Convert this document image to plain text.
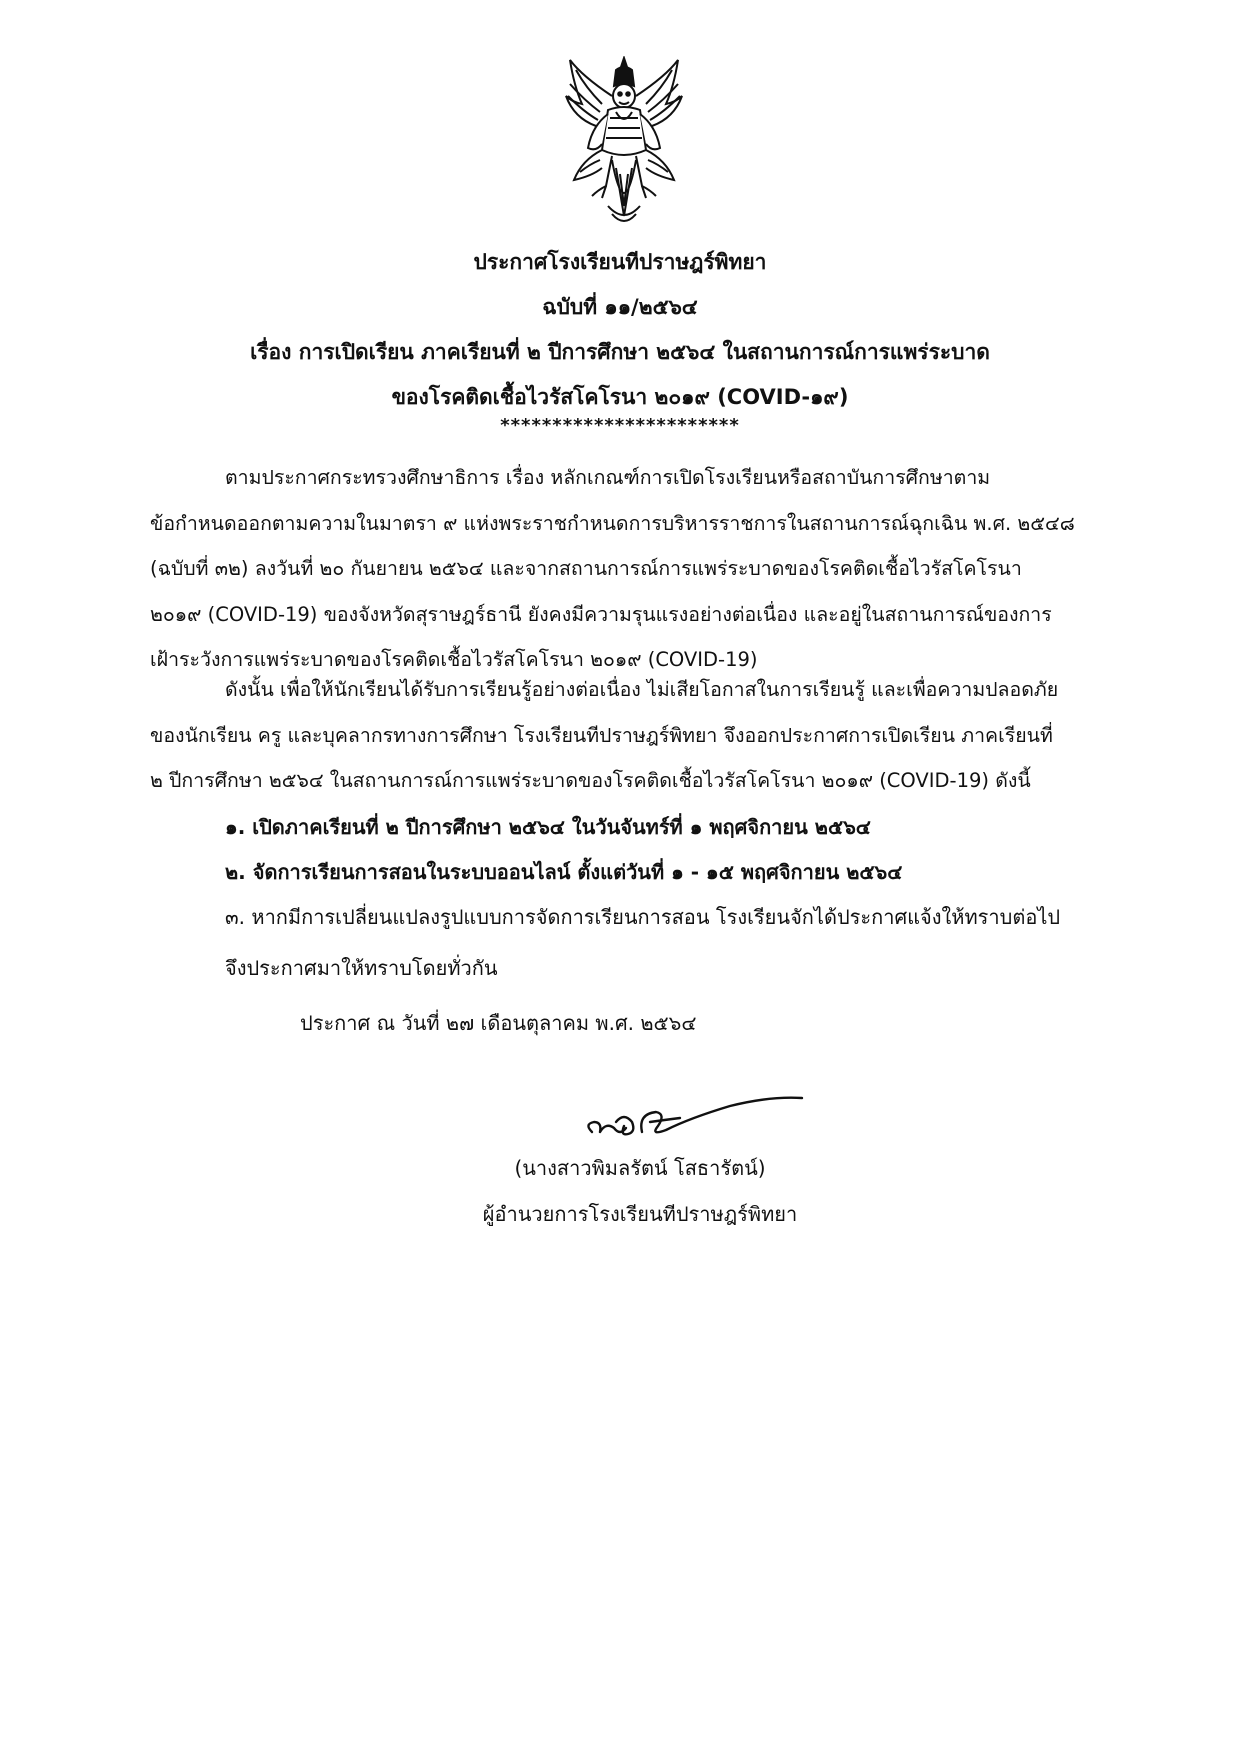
ประกาศโรงเรียนทีปราษฎร์พิทยา
ฉบับที่ ๑๑/๒๕๖๔
เรื่อง การเปิดเรียน ภาคเรียนที่ ๒ ปีการศึกษา ๒๕๖๔ ในสถานการณ์การแพร่ระบาด
ของโรคติดเชื้อไวรัสโคโรนา ๒๐๑๙ (COVID-๑๙)
***********************
ตามประกาศกระทรวงศึกษาธิการ เรื่อง หลักเกณฑ์การเปิดโรงเรียนหรือสถาบันการศึกษาตาม
ข้อกำหนดออกตามความในมาตรา ๙ แห่งพระราชกำหนดการบริหารราชการในสถานการณ์ฉุกเฉิน พ.ศ. ๒๕๔๘
(ฉบับที่ ๓๒) ลงวันที่ ๒๐ กันยายน ๒๕๖๔ และจากสถานการณ์การแพร่ระบาดของโรคติดเชื้อไวรัสโคโรนา
๒๐๑๙ (COVID-19) ของจังหวัดสุราษฎร์ธานี ยังคงมีความรุนแรงอย่างต่อเนื่อง และอยู่ในสถานการณ์ของการ
เฝ้าระวังการแพร่ระบาดของโรคติดเชื้อไวรัสโคโรนา ๒๐๑๙ (COVID-19)
ดังนั้น เพื่อให้นักเรียนได้รับการเรียนรู้อย่างต่อเนื่อง ไม่เสียโอกาสในการเรียนรู้ และเพื่อความปลอดภัย
ของนักเรียน ครู และบุคลากรทางการศึกษา โรงเรียนทีปราษฎร์พิทยา จึงออกประกาศการเปิดเรียน ภาคเรียนที่
๒ ปีการศึกษา ๒๕๖๔ ในสถานการณ์การแพร่ระบาดของโรคติดเชื้อไวรัสโคโรนา ๒๐๑๙ (COVID-19) ดังนี้
๑. เปิดภาคเรียนที่ ๒ ปีการศึกษา ๒๕๖๔ ในวันจันทร์ที่ ๑ พฤศจิกายน ๒๕๖๔
๒. จัดการเรียนการสอนในระบบออนไลน์ ตั้งแต่วันที่ ๑ - ๑๕ พฤศจิกายน ๒๕๖๔
๓. หากมีการเปลี่ยนแปลงรูปแบบการจัดการเรียนการสอน โรงเรียนจักได้ประกาศแจ้งให้ทราบต่อไป
จึงประกาศมาให้ทราบโดยทั่วกัน
ประกาศ ณ วันที่ ๒๗ เดือนตุลาคม พ.ศ. ๒๕๖๔
(นางสาวพิมลรัตน์ โสธารัตน์)
ผู้อำนวยการโรงเรียนทีปราษฎร์พิทยา
